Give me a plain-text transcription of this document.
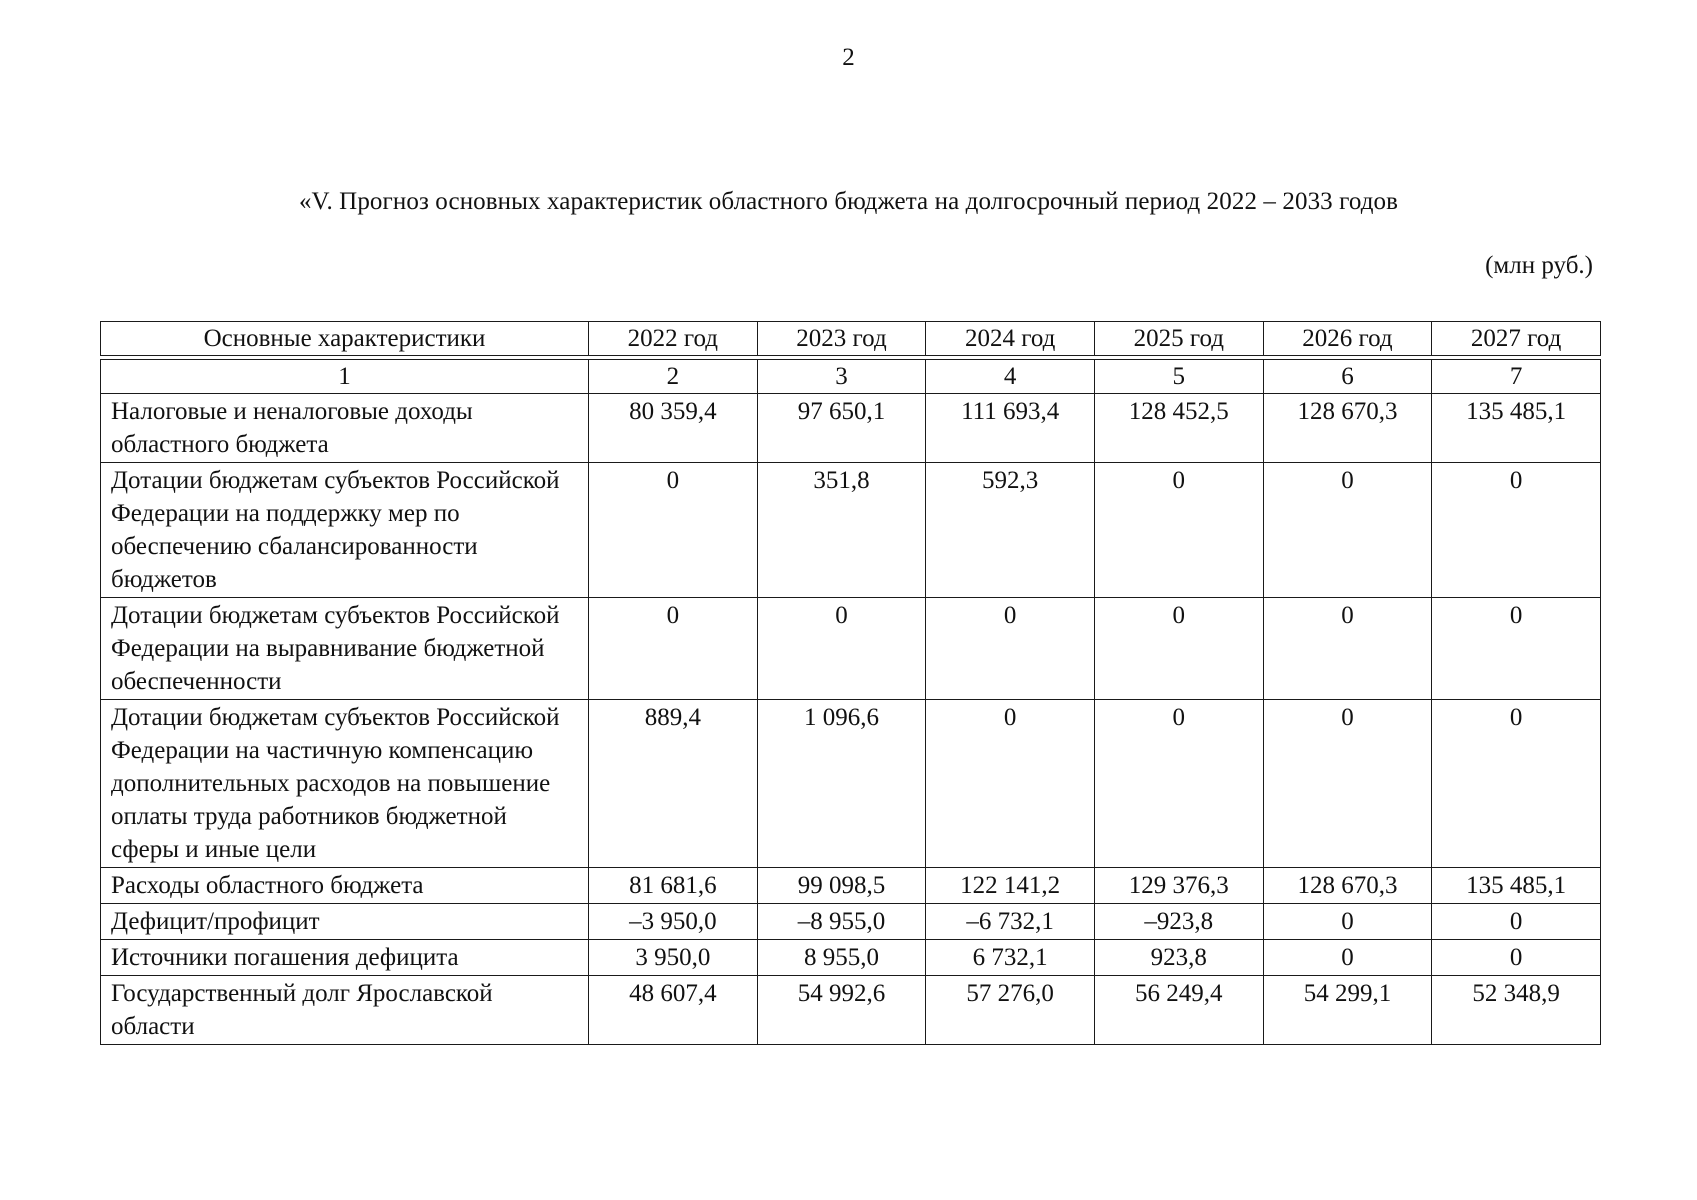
2
«V. Прогноз основных характеристик областного бюджета на долгосрочный период 2022 – 2033 годов
(млн руб.)
Основные характеристики	2022 год	2023 год	2024 год	2025 год	2026 год	2027 год

1	2	3	4	5	6	7
Налоговые и неналоговые доходы областного бюджета	80 359,4	97 650,1	111 693,4	128 452,5	128 670,3	135 485,1
Дотации бюджетам субъектов Российской Федерации на поддержку мер по обеспечению сбалансированности бюджетов	0	351,8	592,3	0	0	0
Дотации бюджетам субъектов Российской Федерации на выравнивание бюджетной обеспеченности	0	0	0	0	0	0
Дотации бюджетам субъектов Российской Федерации на частичную компенсацию дополнительных расходов на повышение оплаты труда работников бюджетной сферы и иные цели	889,4	1 096,6	0	0	0	0
Расходы областного бюджета	81 681,6	99 098,5	122 141,2	129 376,3	128 670,3	135 485,1
Дефицит/профицит	–3 950,0	–8 955,0	–6 732,1	–923,8	0	0
Источники погашения дефицита	3 950,0	8 955,0	6 732,1	923,8	0	0
Государственный долг Ярославской области	48 607,4	54 992,6	57 276,0	56 249,4	54 299,1	52 348,9
